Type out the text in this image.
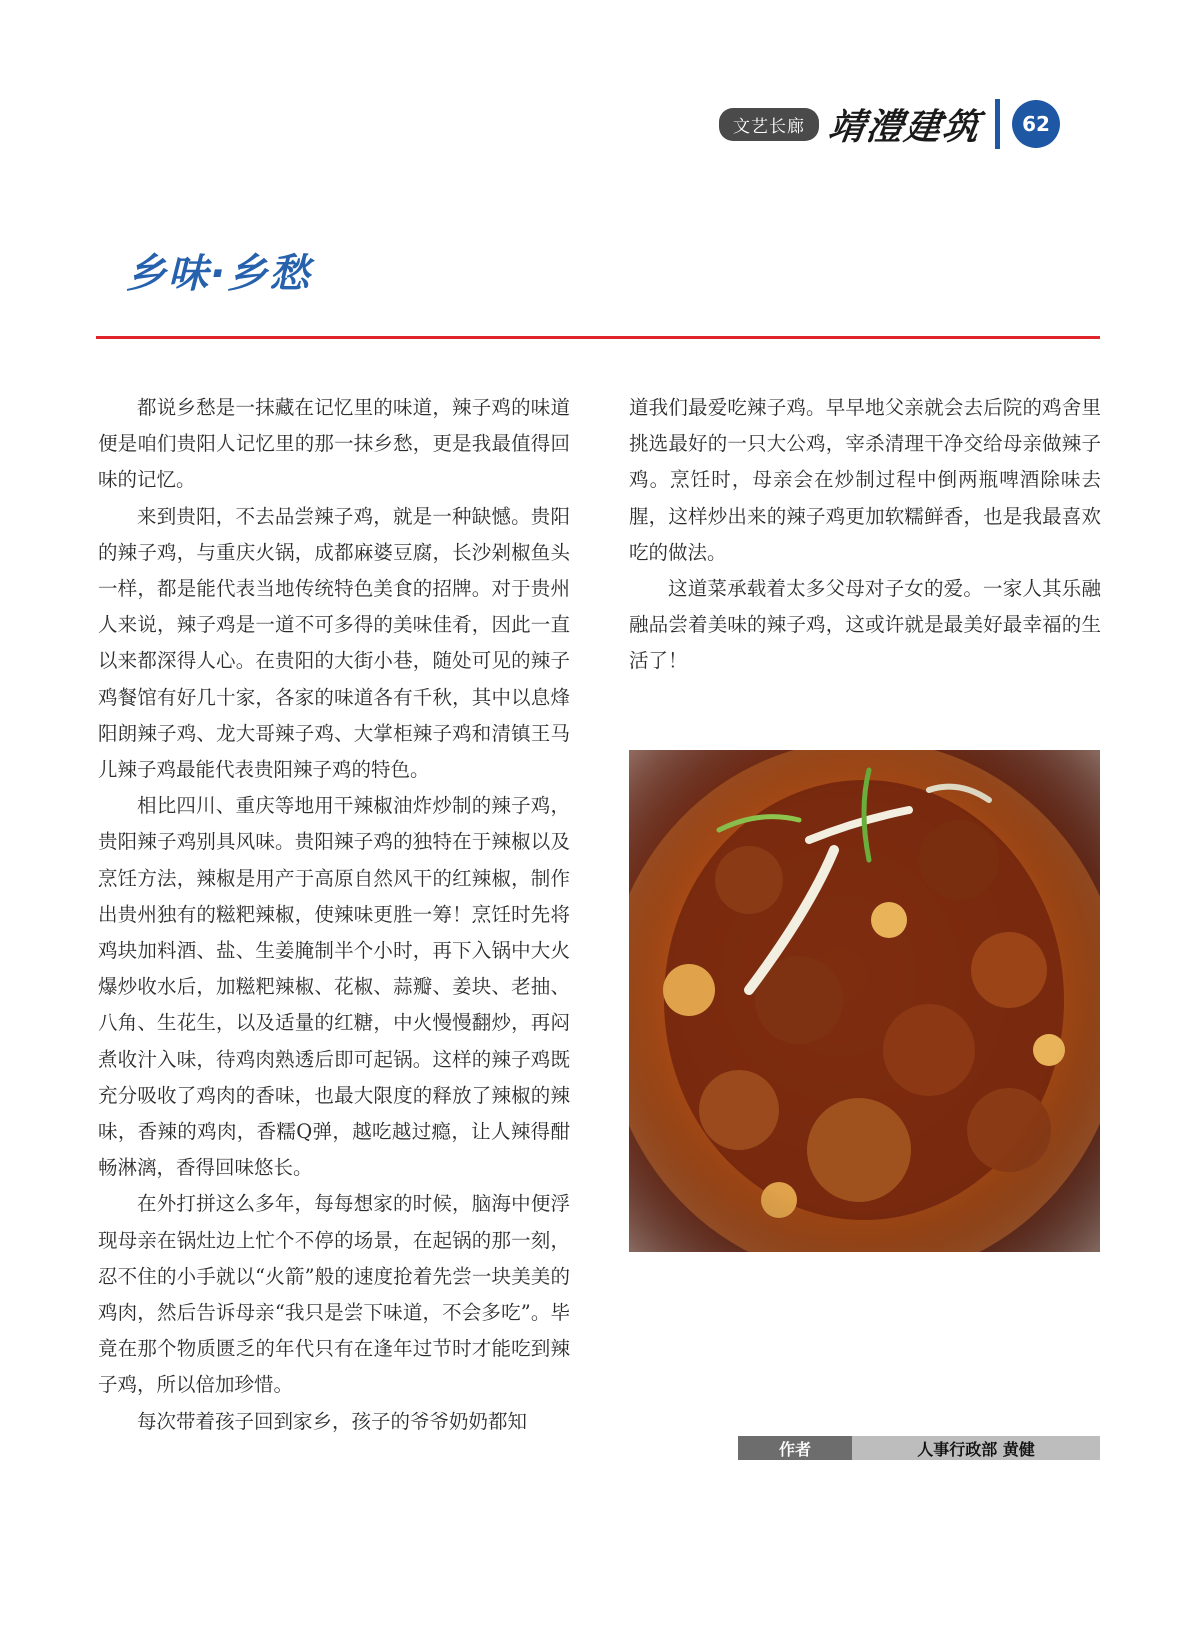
文艺长廊 靖澧建筑	62
乡味·乡愁

都说乡愁是一抹藏在记忆里的味道，辣子鸡的味道便是咱们贵阳人记忆里的那一抹乡愁，更是我最值得回味的记忆。

来到贵阳，不去品尝辣子鸡，就是一种缺憾。贵阳的辣子鸡，与重庆火锅，成都麻婆豆腐，长沙剁椒鱼头一样，都是能代表当地传统特色美食的招牌。对于贵州人来说，辣子鸡是一道不可多得的美味佳肴，因此一直以来都深得人心。在贵阳的大街小巷，随处可见的辣子鸡餐馆有好几十家，各家的味道各有千秋，其中以息烽阳朗辣子鸡、龙大哥辣子鸡、大掌柜辣子鸡和清镇王马儿辣子鸡最能代表贵阳辣子鸡的特色。

相比四川、重庆等地用干辣椒油炸炒制的辣子鸡，贵阳辣子鸡别具风味。贵阳辣子鸡的独特在于辣椒以及烹饪方法，辣椒是用产于高原自然风干的红辣椒，制作出贵州独有的糍粑辣椒，使辣味更胜一筹！烹饪时先将鸡块加料酒、盐、生姜腌制半个小时，再下入锅中大火爆炒收水后，加糍粑辣椒、花椒、蒜瓣、姜块、老抽、八角、生花生，以及适量的红糖，中火慢慢翻炒，再闷煮收汁入味，待鸡肉熟透后即可起锅。这样的辣子鸡既充分吸收了鸡肉的香味，也最大限度的释放了辣椒的辣味，香辣的鸡肉，香糯Q弹，越吃越过瘾，让人辣得酣畅淋漓，香得回味悠长。

在外打拼这么多年，每每想家的时候，脑海中便浮现母亲在锅灶边上忙个不停的场景，在起锅的那一刻，忍不住的小手就以“火箭”般的速度抢着先尝一块美美的鸡肉，然后告诉母亲“我只是尝下味道，不会多吃”。毕竟在那个物质匮乏的年代只有在逢年过节时才能吃到辣子鸡，所以倍加珍惜。

每次带着孩子回到家乡，孩子的爷爷奶奶都知

道我们最爱吃辣子鸡。早早地父亲就会去后院的鸡舍里挑选最好的一只大公鸡，宰杀清理干净交给母亲做辣子鸡。烹饪时，母亲会在炒制过程中倒两瓶啤酒除味去腥，这样炒出来的辣子鸡更加软糯鲜香，也是我最喜欢吃的做法。

这道菜承载着太多父母对子女的爱。一家人其乐融融品尝着美味的辣子鸡，这或许就是最美好最幸福的生活了！

作者	人事行政部 黄健
